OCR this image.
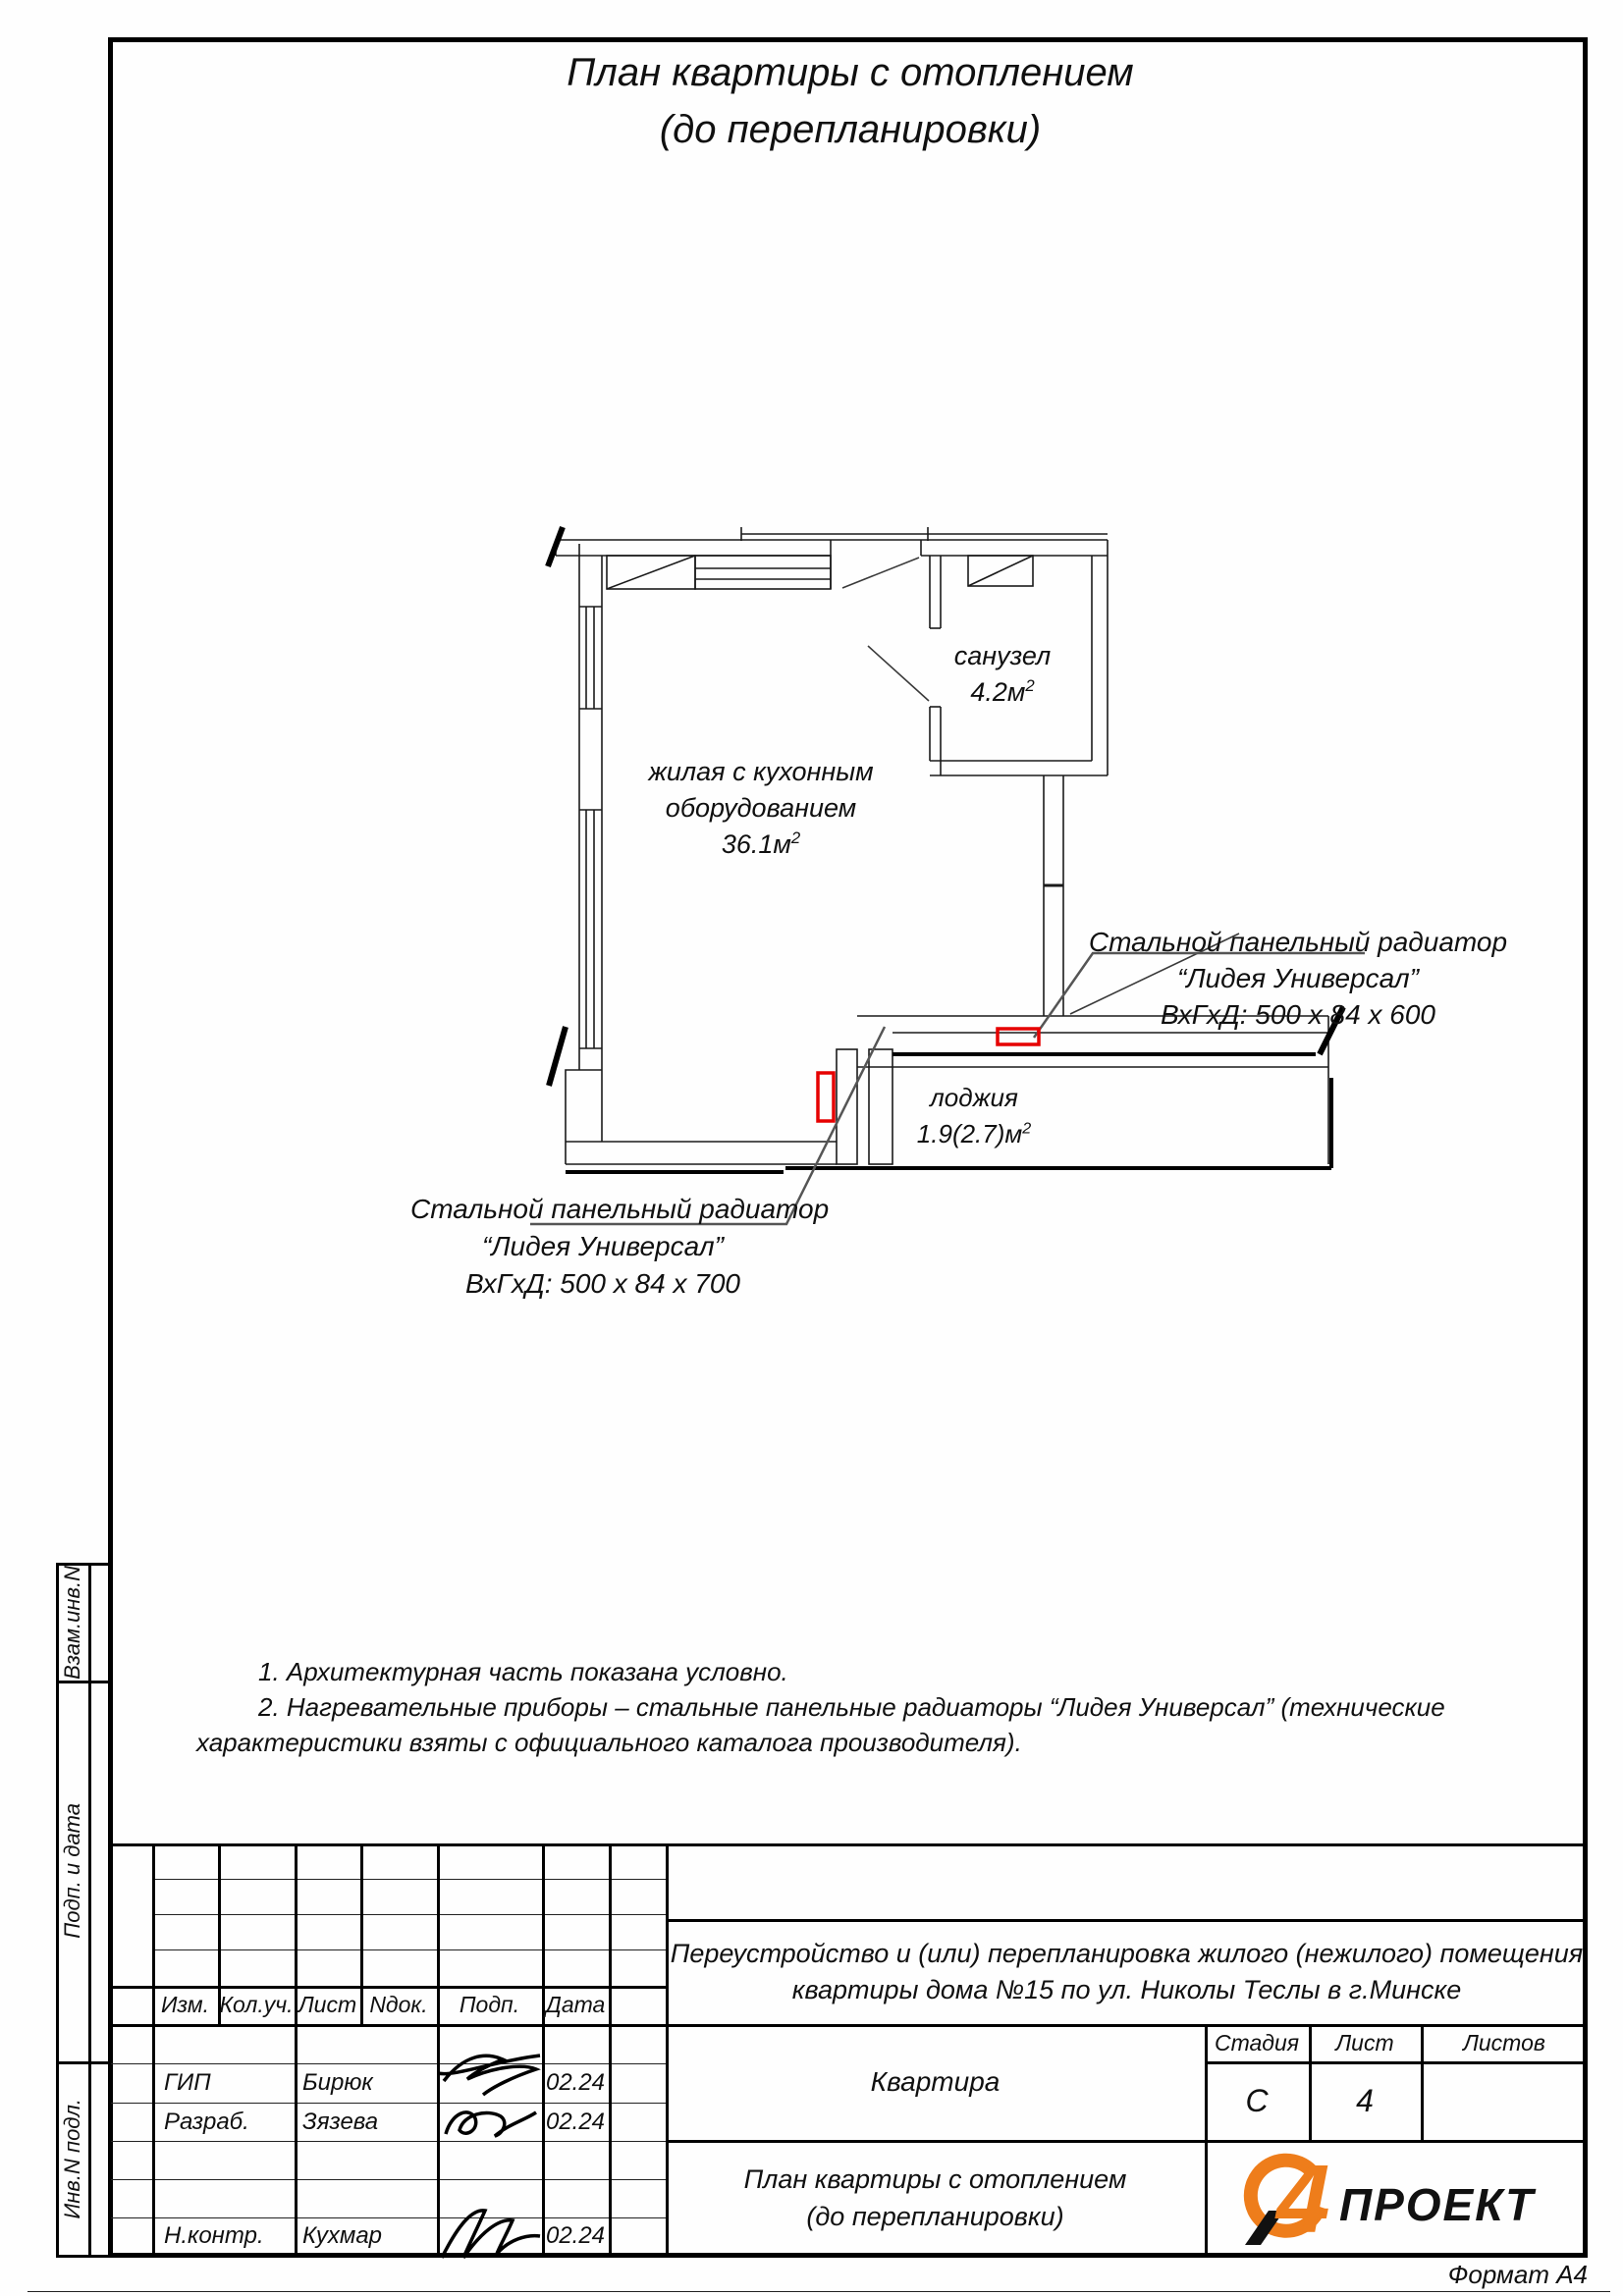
План квартиры с отоплением
(до перепланировки)
санузел
$4.2м^2$
жилая с кухонным
оборудованием
$36.1м^2$
лоджия
$1.9(2.7)м^2$
Стальной панельный радиатор
“Лидея Универсал”
ВхГхД: 500 х 84 х 600
Стальной панельный радиатор
“Лидея Универсал”
ВхГхД: 500 х 84 х 700
1. Архитектурная часть показана условно.
2. Нагревательные приборы – стальные панельные радиаторы “Лидея Универсал” (технические
характеристики взяты с официального каталога производителя).
Взам.инв.N
Подп. и дата
Инв.N подл.
Изм. Кол.уч. Лист Nдок.	Подп.	Дата
ГИП	Бирюк	02.24
Разраб.	Зязева	02.24
Н.контр.	Кухмар	02.24
Переустройство и (или) перепланировка жилого (нежилого) помещения
квартиры дома №15 по ул. Николы Теслы в г.Минске
Квартира
Стадия	Лист	Листов
С	4
План квартиры с отоплением
(до перепланировки) 4 ПРОЕКТ
Формат А4
